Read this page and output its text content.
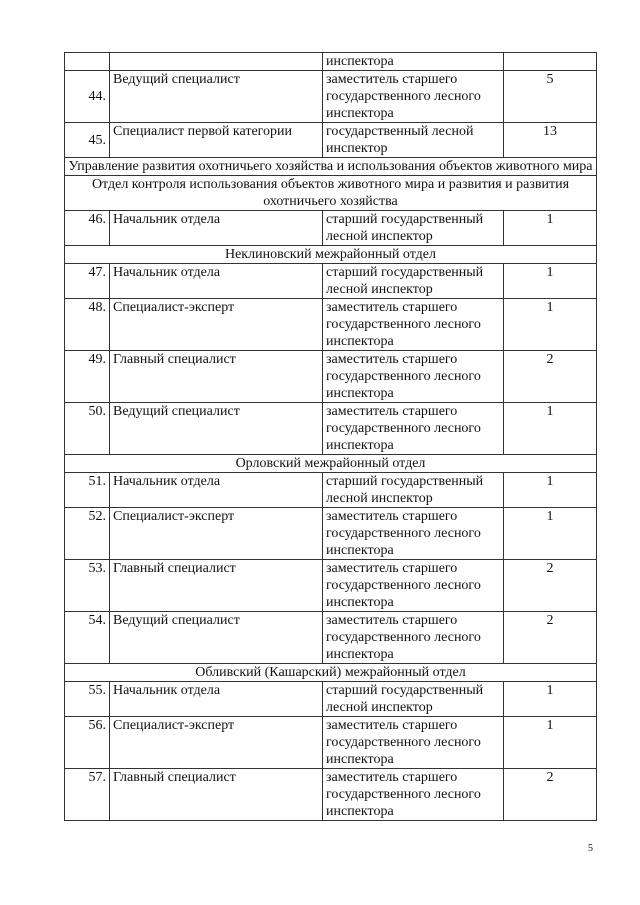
		инспектора	
44.	Ведущий специалист	заместитель старшего государственного лесного инспектора	5
45.	Специалист первой категории	государственный лесной инспектор	13
Управление развития охотничьего хозяйства и использования объектов животного мира			
Отдел контроля использования объектов животного мира и развития и развития охотничьего хозяйства			
46.	Начальник отдела	старший государственный лесной инспектор	1
Неклиновский межрайонный отдел			
47.	Начальник отдела	старший государственный лесной инспектор	1
48.	Специалист-эксперт	заместитель старшего государственного лесного инспектора	1
49.	Главный специалист	заместитель старшего государственного лесного инспектора	2
50.	Ведущий специалист	заместитель старшего государственного лесного инспектора	1
Орловский межрайонный отдел			
51.	Начальник отдела	старший государственный лесной инспектор	1
52.	Специалист-эксперт	заместитель старшего государственного лесного инспектора	1
53.	Главный специалист	заместитель старшего государственного лесного инспектора	2
54.	Ведущий специалист	заместитель старшего государственного лесного инспектора	2
Обливский (Кашарский) межрайонный отдел			
55.	Начальник отдела	старший государственный лесной инспектор	1
56.	Специалист-эксперт	заместитель старшего государственного лесного инспектора	1
57.	Главный специалист	заместитель старшего государственного лесного инспектора	2
5
